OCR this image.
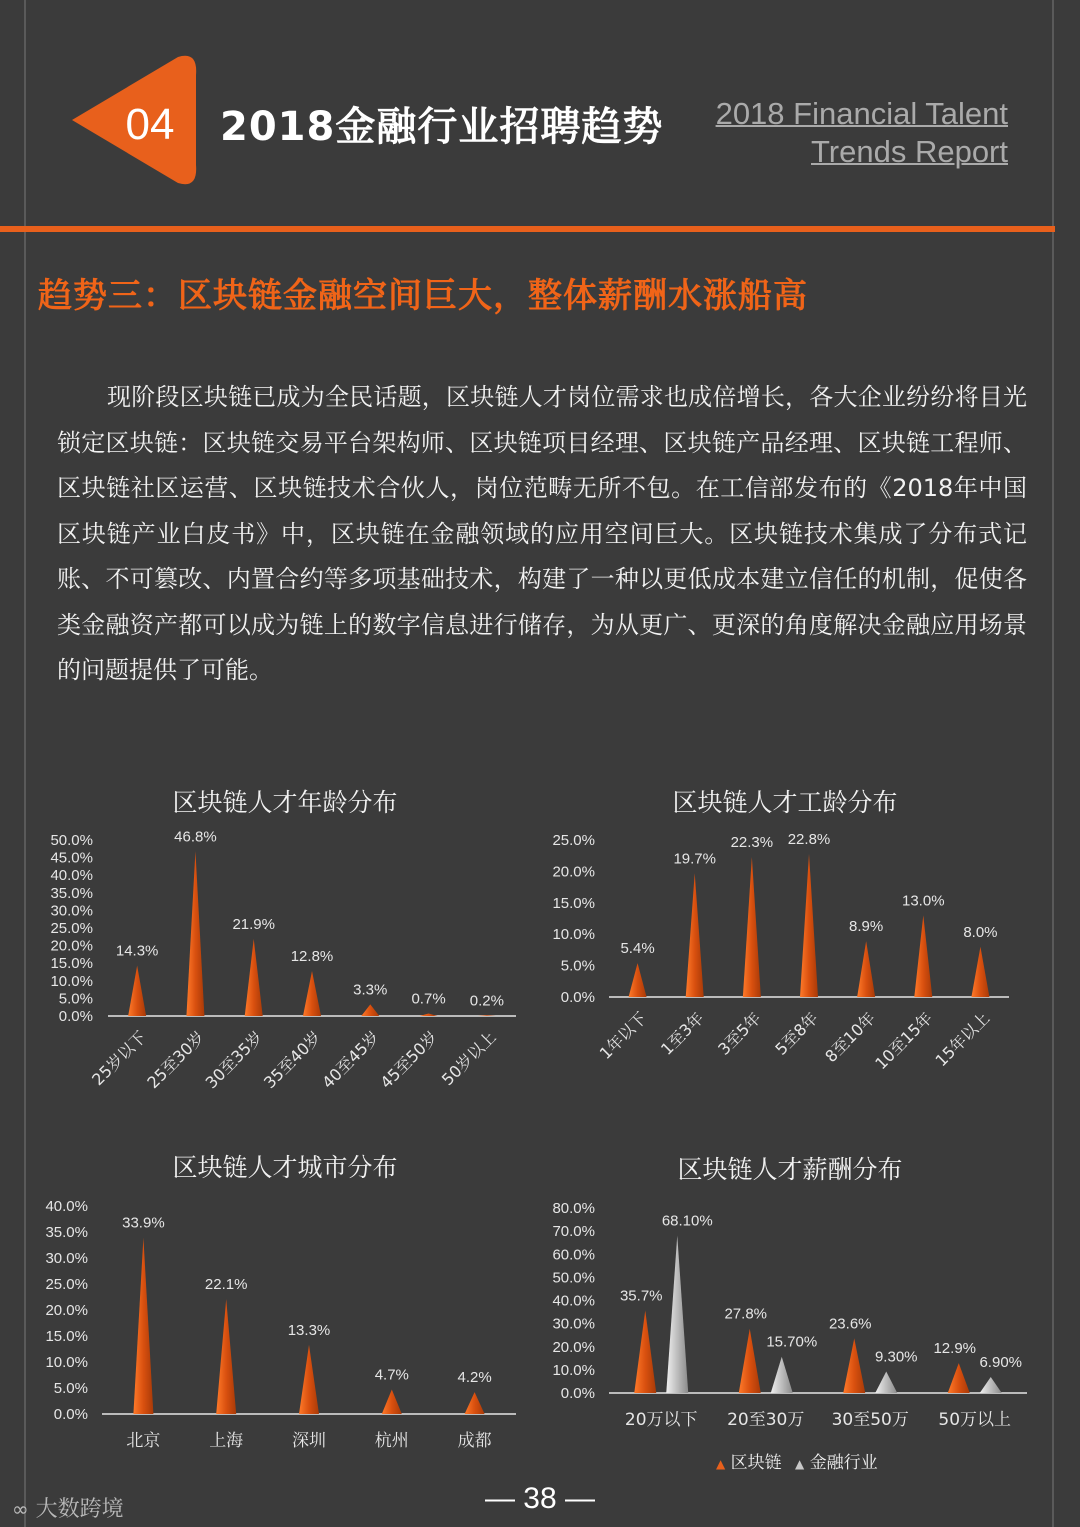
04 2018金融行业招聘趋势 2018 Financial Talent
Trends Report
趋势三：区块链金融空间巨大，整体薪酬水涨船高
现阶段区块链已成为全民话题，区块链人才岗位需求也成倍增长，各大企业纷纷将目光锁定区块链：区块链交易平台架构师、区块链项目经理、区块链产品经理、区块链工程师、区块链社区运营、区块链技术合伙人，岗位范畴无所不包。在工信部发布的《2018年中国区块链产业白皮书》中，区块链在金融领域的应用空间巨大。区块链技术集成了分布式记账、不可篡改、内置合约等多项基础技术，构建了一种以更低成本建立信任的机制，促使各类金融资产都可以成为链上的数字信息进行储存，为从更广、更深的角度解决金融应用场景的问题提供了可能。
区块链人才年龄分布	区块链人才工龄分布
区块链人才城市分布	区块链人才薪酬分布
0.0%
5.0%
10.0%
15.0%
20.0%
25.0%
30.0%
35.0%
40.0%
45.0%
50.0%
14.3%
25岁以下
46.8%
25至30岁
21.9%
30至35岁
12.8%
35至40岁
3.3%
40至45岁
0.7%
45至50岁
0.2%
50岁以上
0.0%
5.0%
10.0%
15.0%
20.0%
25.0%
5.4%
1年以下
19.7%
1至3年
22.3%
3至5年
22.8%
5至8年
8.9%
8至10年
13.0%
10至15年
8.0%
15年以上
0.0%
5.0%
10.0%
15.0%
20.0%
25.0%
30.0%
35.0%
40.0%
33.9%
北京
22.1%
上海
13.3%
深圳
4.7%
杭州
4.2%
成都
0.0%
10.0%
20.0%
30.0%
40.0%
50.0%
60.0%
70.0%
80.0%
35.7%
68.10%
20万以下
27.8%
15.70%
20至30万
23.6%
9.30%
30至50万
12.9%
6.90%
50万以上
▲ 区块链 ▲ 金融行业
— 38 —
∞ 大数跨境
